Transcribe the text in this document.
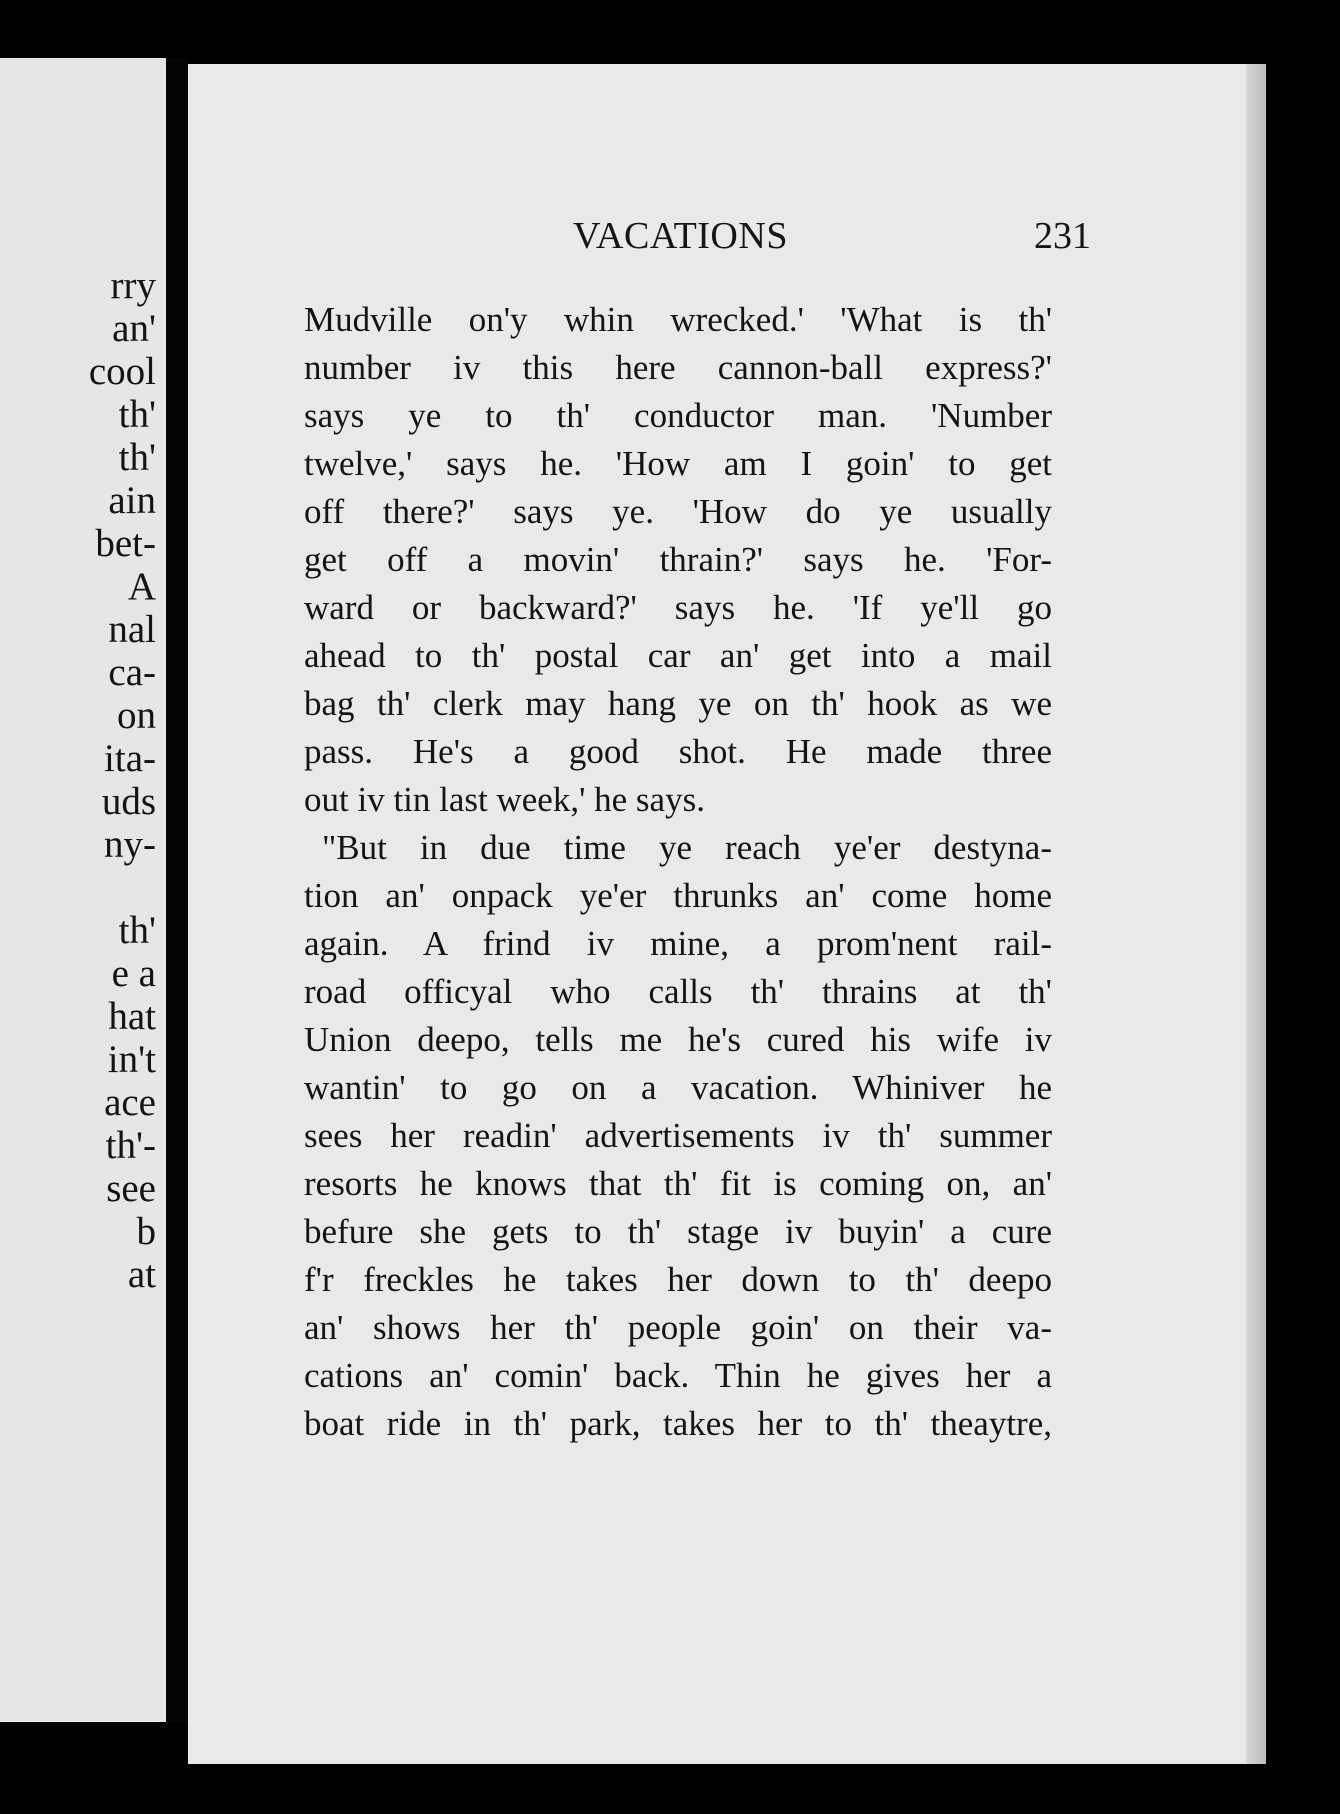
rry
an'
cool
th'
th'
ain
bet-
A
nal
ca-
on
ita-
uds
ny-
th'
e a
hat
in't
ace
th'-
see
b
at
VACATIONS	231
Mudville on'y whin wrecked.' 'What is th'
number iv this here cannon-ball express?'
says ye to th' conductor man. 'Number
twelve,' says he. 'How am I goin' to get
off there?' says ye. 'How do ye usually
get off a movin' thrain?' says he. 'For-
ward or backward?' says he. 'If ye'll go
ahead to th' postal car an' get into a mail
bag th' clerk may hang ye on th' hook as we
pass. He's a good shot. He made three
out iv tin last week,' he says.
"But in due time ye reach ye'er destyna-
tion an' onpack ye'er thrunks an' come home
again. A frind iv mine, a prom'nent rail-
road officyal who calls th' thrains at th'
Union deepo, tells me he's cured his wife iv
wantin' to go on a vacation. Whiniver he
sees her readin' advertisements iv th' summer
resorts he knows that th' fit is coming on, an'
befure she gets to th' stage iv buyin' a cure
f'r freckles he takes her down to th' deepo
an' shows her th' people goin' on their va-
cations an' comin' back. Thin he gives her a
boat ride in th' park, takes her to th' theaytre,
